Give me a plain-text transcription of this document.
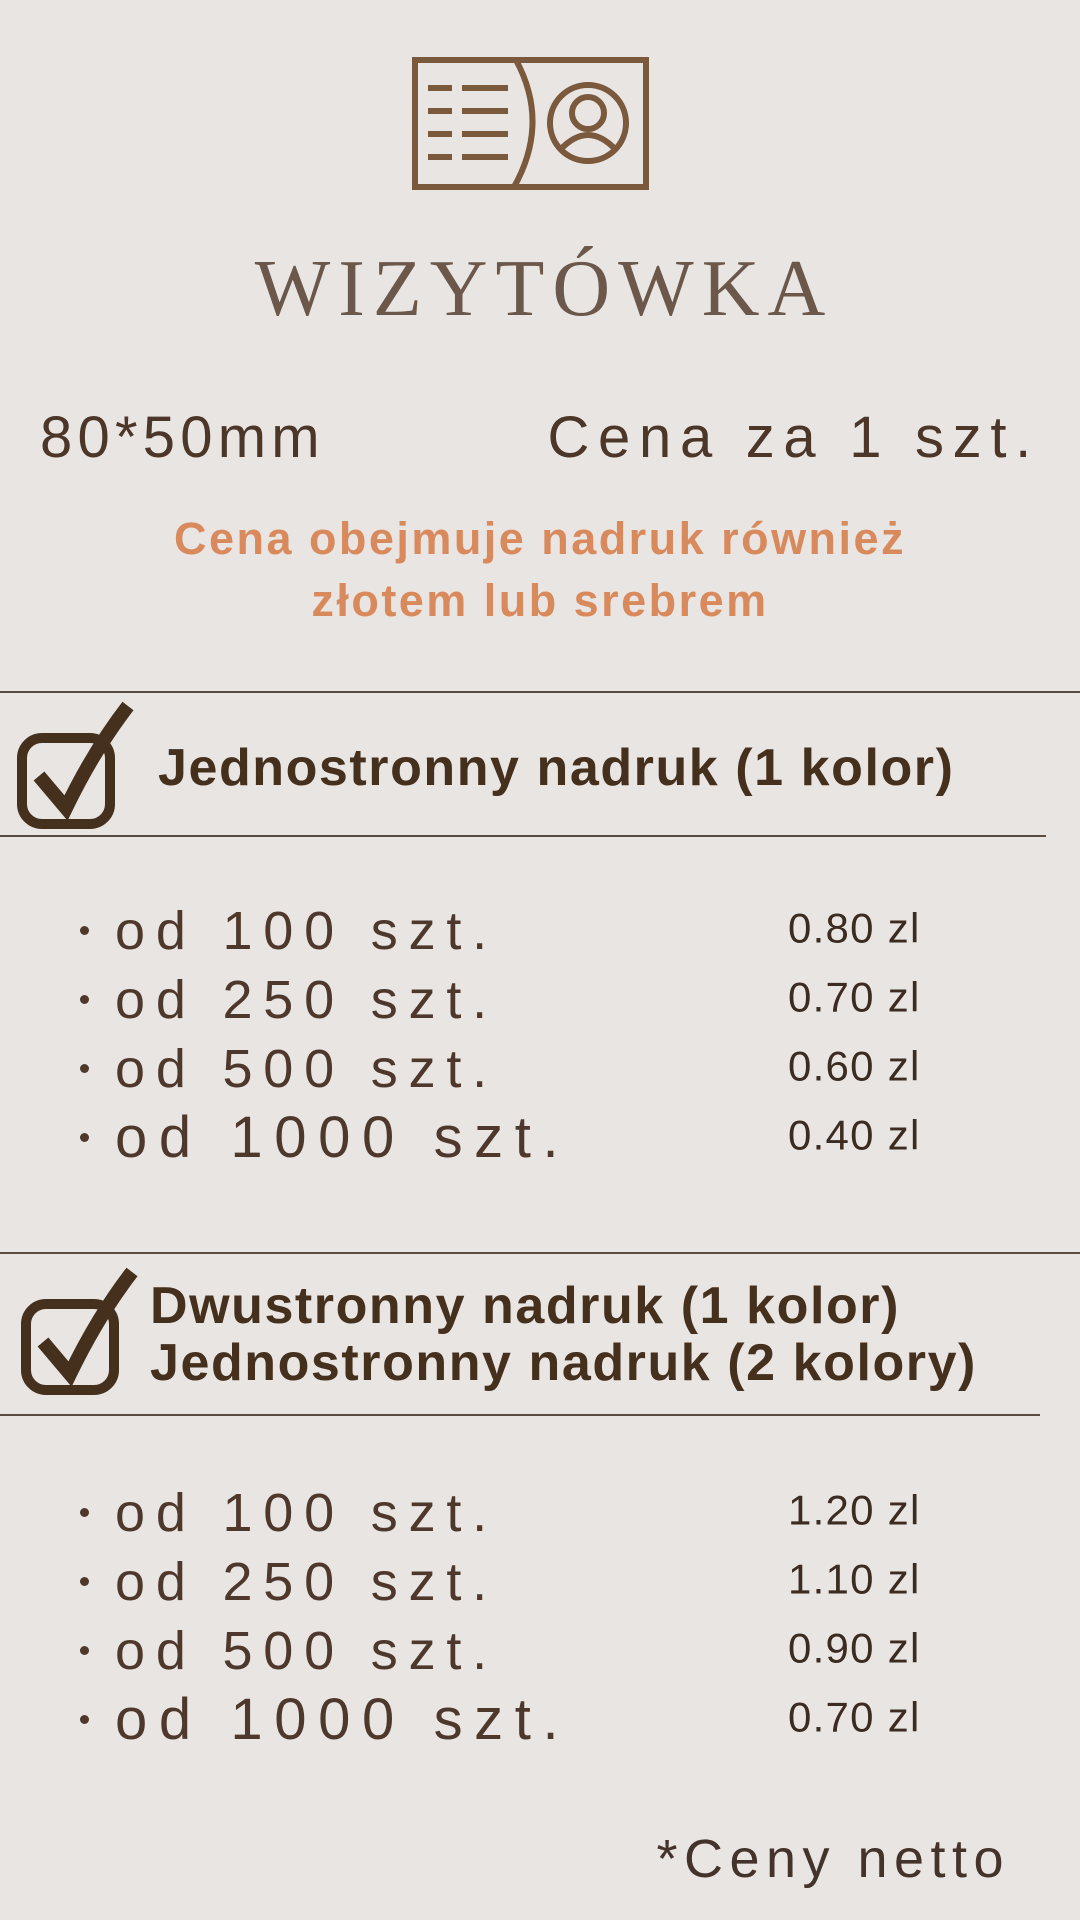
WIZYTÓWKA
80*50mm	Cena za 1 szt.
Cena obejmuje nadruk również
złotem lub srebrem
Jednostronny nadruk (1 kolor)
od 100 szt.	0.80 zl
od 250 szt.	0.70 zl
od 500 szt.	0.60 zl
od 1000 szt.	0.40 zl
Dwustronny nadruk (1 kolor)
Jednostronny nadruk (2 kolory)
od 100 szt.	1.20 zl
od 250 szt.	1.10 zl
od 500 szt.	0.90 zl
od 1000 szt.	0.70 zl
*Ceny netto
